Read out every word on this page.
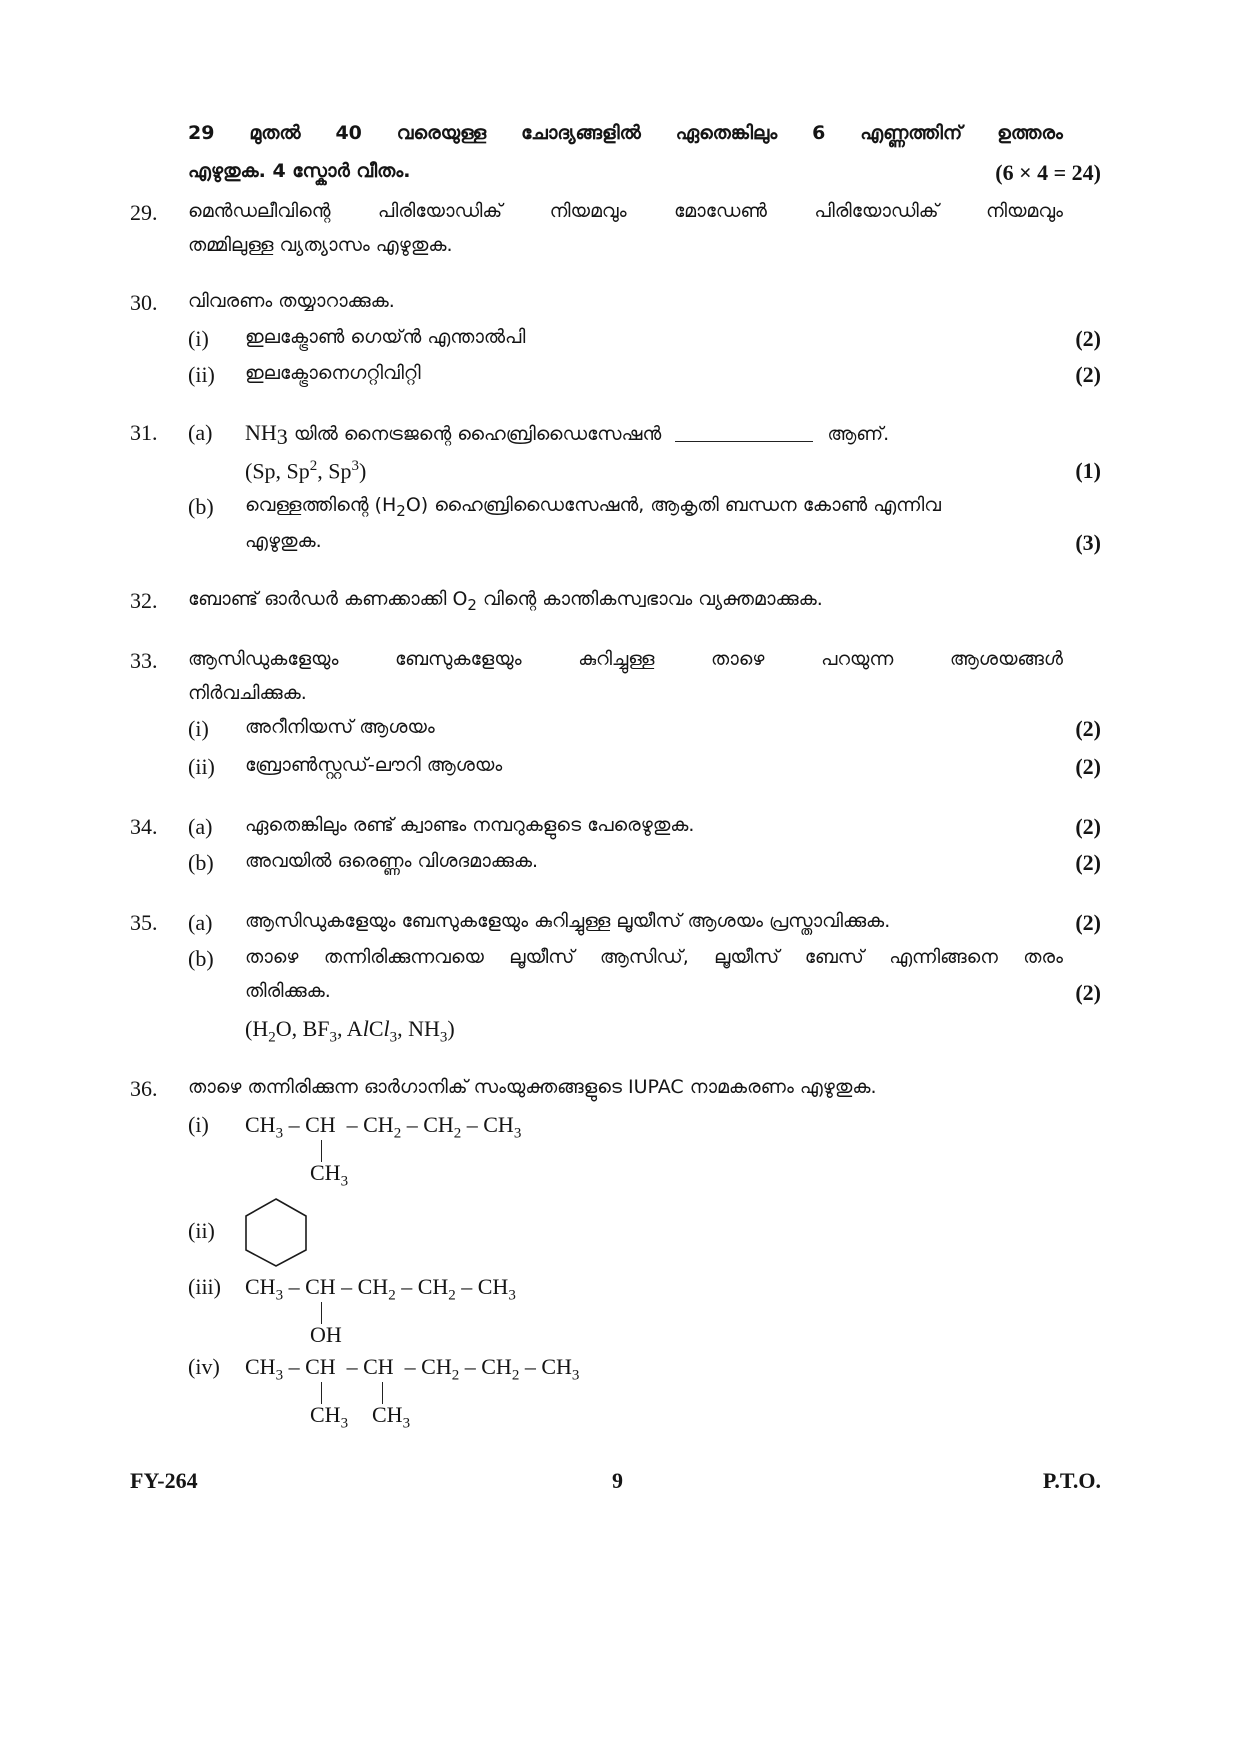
29 മുതൽ 40 വരെയുള്ള ചോദ്യങ്ങളിൽ ഏതെങ്കിലും 6 എണ്ണത്തിന് ഉത്തരം
എഴുതുക. 4 സ്കോർ വീതം.	(6 × 4 = 24)
29. മെൻഡലീവിന്റെ പിരിയോഡിക് നിയമവും മോഡേൺ പിരിയോഡിക് നിയമവും
തമ്മിലുള്ള വ്യത്യാസം എഴുതുക.
30. വിവരണം തയ്യാറാക്കുക.
(i) ഇലക്ട്രോൺ ഗെയ്ൻ എന്താൽപി	(2)
(ii) ഇലക്ട്രോനെഗറ്റിവിറ്റി	(2)
31. (a) $NH_3$ യിൽ നൈട്രജന്റെ ഹൈബ്രിഡൈസേഷൻ	ആണ്.
(Sp, Sp$^2$, Sp$^3$)	(1)
(b) വെള്ളത്തിന്റെ $(H_2O)$ ഹൈബ്രിഡൈസേഷൻ, ആകൃതി ബന്ധന കോൺ എന്നിവ
എഴുതുക.	(3)
32. ബോണ്ട് ഓർഡർ കണക്കാക്കി $O_2$ വിന്റെ കാന്തികസ്വഭാവം വ്യക്തമാക്കുക.
33. ആസിഡുകളേയും	ബേസുകളേയും	കുറിച്ചുള്ള	താഴെ	പറയുന്ന	ആശയങ്ങൾ
നിർവചിക്കുക.
(i) അറീനിയസ് ആശയം	(2)
(ii) ബ്രോൺസ്റ്റഡ്-ലൗറി ആശയം	(2)
34. (a) ഏതെങ്കിലും രണ്ട് ക്വാണ്ടം നമ്പറുകളുടെ പേരെഴുതുക.	(2)
(b) അവയിൽ ഒരെണ്ണം വിശദമാക്കുക.	(2)
35. (a) ആസിഡുകളേയും ബേസുകളേയും കുറിച്ചുള്ള ലൂയീസ് ആശയം പ്രസ്താവിക്കുക.	(2)
(b) താഴെ തന്നിരിക്കുന്നവയെ ലൂയീസ് ആസിഡ്, ലൂയീസ് ബേസ് എന്നിങ്ങനെ തരം
തിരിക്കുക.	(2)
($H_2O$, $BF_3$, AlCl$_3$, $NH_3$)
36. താഴെ തന്നിരിക്കുന്ന ഓർഗാനിക് സംയുക്തങ്ങളുടെ IUPAC നാമകരണം എഴുതുക.
(i) $CH_3$ – CH  – $CH_2 - CH_2 - CH_3$
$CH_3$
(ii)
(iii) $CH_3$ – CH – $CH_2 - CH_2 - CH_3$
OH
(iv) $CH_3$ – CH  – CH  – $CH_2 - CH_2 - CH_3$
$CH_3$ $CH_3$
FY-264	9	P.T.O.
